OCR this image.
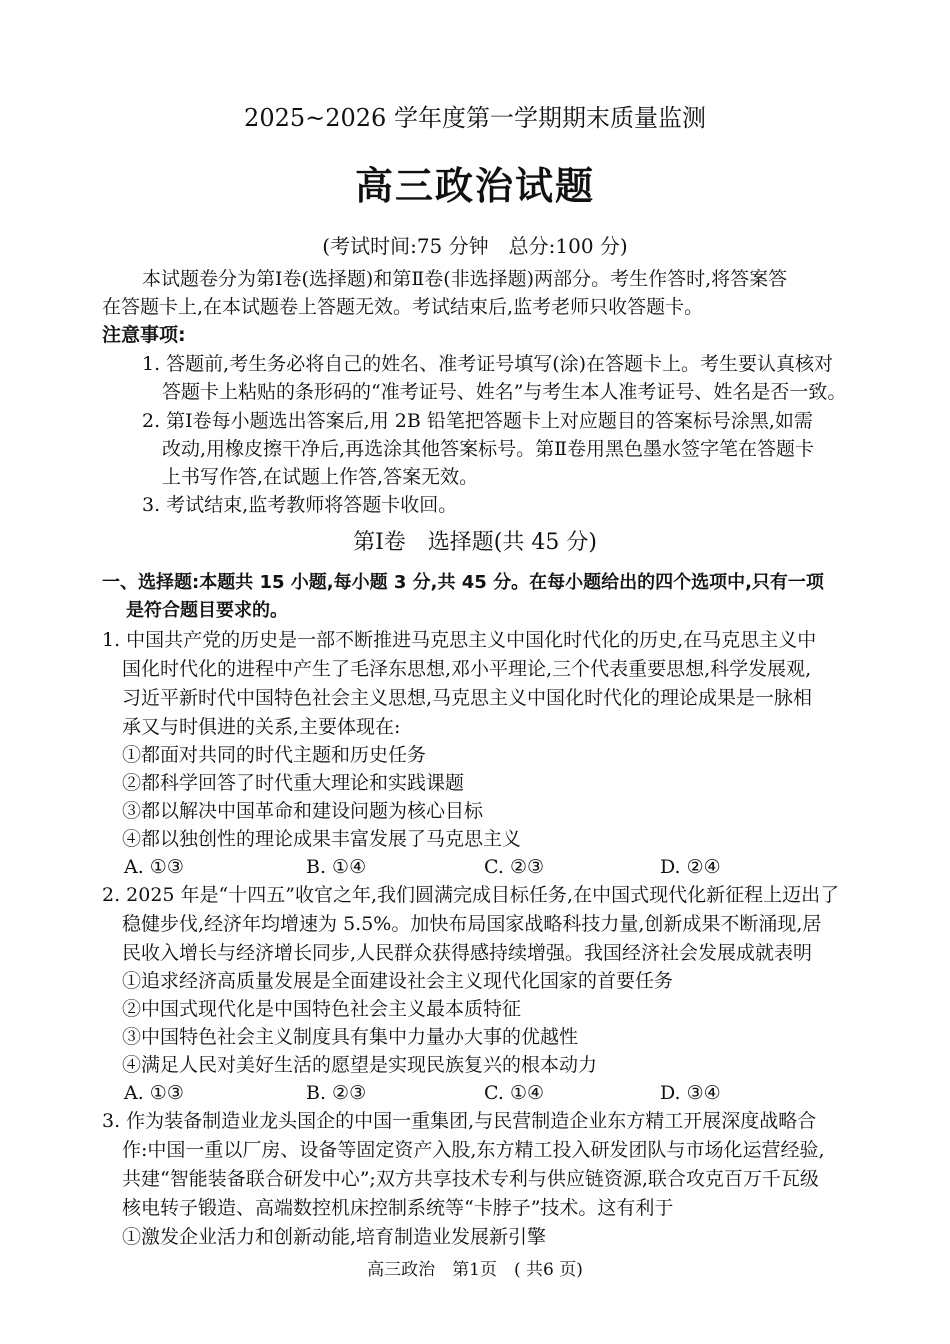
2025~2026 学年度第一学期期末质量监测
高三政治试题
(考试时间:75 分钟　总分:100 分)
本试题卷分为第Ⅰ卷(选择题)和第Ⅱ卷(非选择题)两部分。考生作答时,将答案答
在答题卡上,在本试题卷上答题无效。考试结束后,监考老师只收答题卡。
注意事项:
1. 答题前,考生务必将自己的姓名、准考证号填写(涂)在答题卡上。考生要认真核对
答题卡上粘贴的条形码的“准考证号、姓名”与考生本人准考证号、姓名是否一致。
2. 第Ⅰ卷每小题选出答案后,用 2B 铅笔把答题卡上对应题目的答案标号涂黑,如需
改动,用橡皮擦干净后,再选涂其他答案标号。第Ⅱ卷用黑色墨水签字笔在答题卡
上书写作答,在试题上作答,答案无效。
3. 考试结束,监考教师将答题卡收回。
第Ⅰ卷　选择题(共 45 分)
一、选择题:本题共 15 小题,每小题 3 分,共 45 分。在每小题给出的四个选项中,只有一项
是符合题目要求的。
1. 中国共产党的历史是一部不断推进马克思主义中国化时代化的历史,在马克思主义中
国化时代化的进程中产生了毛泽东思想,邓小平理论,三个代表重要思想,科学发展观,
习近平新时代中国特色社会主义思想,马克思主义中国化时代化的理论成果是一脉相
承又与时俱进的关系,主要体现在:
①都面对共同的时代主题和历史任务
②都科学回答了时代重大理论和实践课题
③都以解决中国革命和建设问题为核心目标
④都以独创性的理论成果丰富发展了马克思主义
A. ①③	B. ①④	C. ②③	D. ②④
2. 2025 年是“十四五”收官之年,我们圆满完成目标任务,在中国式现代化新征程上迈出了
稳健步伐,经济年均增速为 5.5%。加快布局国家战略科技力量,创新成果不断涌现,居
民收入增长与经济增长同步,人民群众获得感持续增强。我国经济社会发展成就表明
①追求经济高质量发展是全面建设社会主义现代化国家的首要任务
②中国式现代化是中国特色社会主义最本质特征
③中国特色社会主义制度具有集中力量办大事的优越性
④满足人民对美好生活的愿望是实现民族复兴的根本动力
A. ①③	B. ②③	C. ①④	D. ③④
3. 作为装备制造业龙头国企的中国一重集团,与民营制造企业东方精工开展深度战略合
作:中国一重以厂房、设备等固定资产入股,东方精工投入研发团队与市场化运营经验,
共建“智能装备联合研发中心”;双方共享技术专利与供应链资源,联合攻克百万千瓦级
核电转子锻造、高端数控机床控制系统等“卡脖子”技术。这有利于
①激发企业活力和创新动能,培育制造业发展新引擎
高三政治　第1页　( 共6 页)
